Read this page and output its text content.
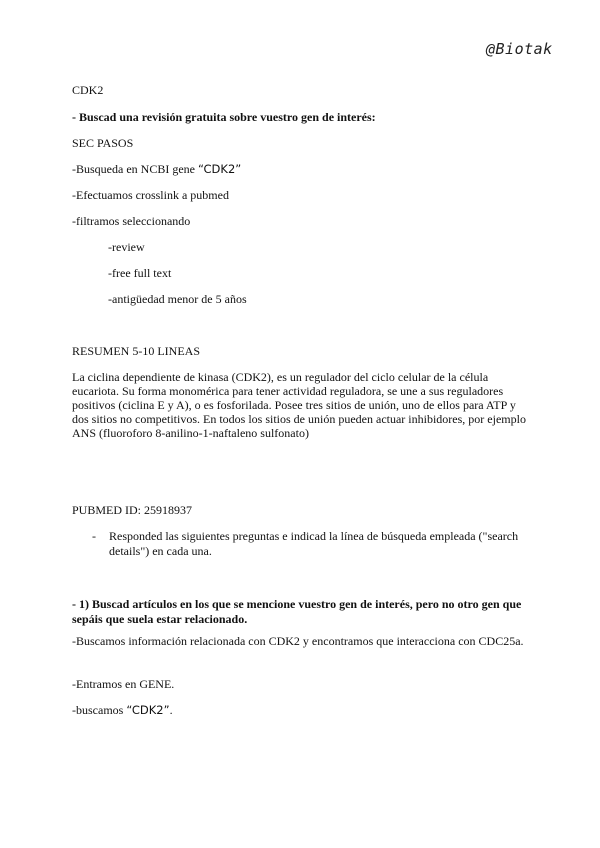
@Biotak

CDK2

- Buscad una revisión gratuita sobre vuestro gen de interés:

SEC PASOS

-Busqueda en NCBI gene “CDK2”

-Efectuamos crosslink a pubmed

-filtramos seleccionando

-review

-free full text

-antigüedad menor de 5 años

RESUMEN 5-10 LINEAS

La ciclina dependiente de kinasa (CDK2), es un regulador del ciclo celular de la célula eucariota. Su forma monomérica para tener actividad reguladora, se une a sus reguladores positivos (ciclina E y A), o es fosforilada. Posee tres sitios de unión, uno de ellos para ATP y dos sitios no competitivos. En todos los sitios de unión pueden actuar inhibidores, por ejemplo ANS (fluoroforo 8-anilino-1-naftaleno sulfonato)

PUBMED ID: 25918937

- Responded las siguientes preguntas e indicad la línea de búsqueda empleada ("search details") en cada una.

- 1) Buscad artículos en los que se mencione vuestro gen de interés, pero no otro gen que sepáis que suela estar relacionado.

-Buscamos información relacionada con CDK2 y encontramos que interacciona con CDC25a.

-Entramos en GENE.

-buscamos “CDK2”.
